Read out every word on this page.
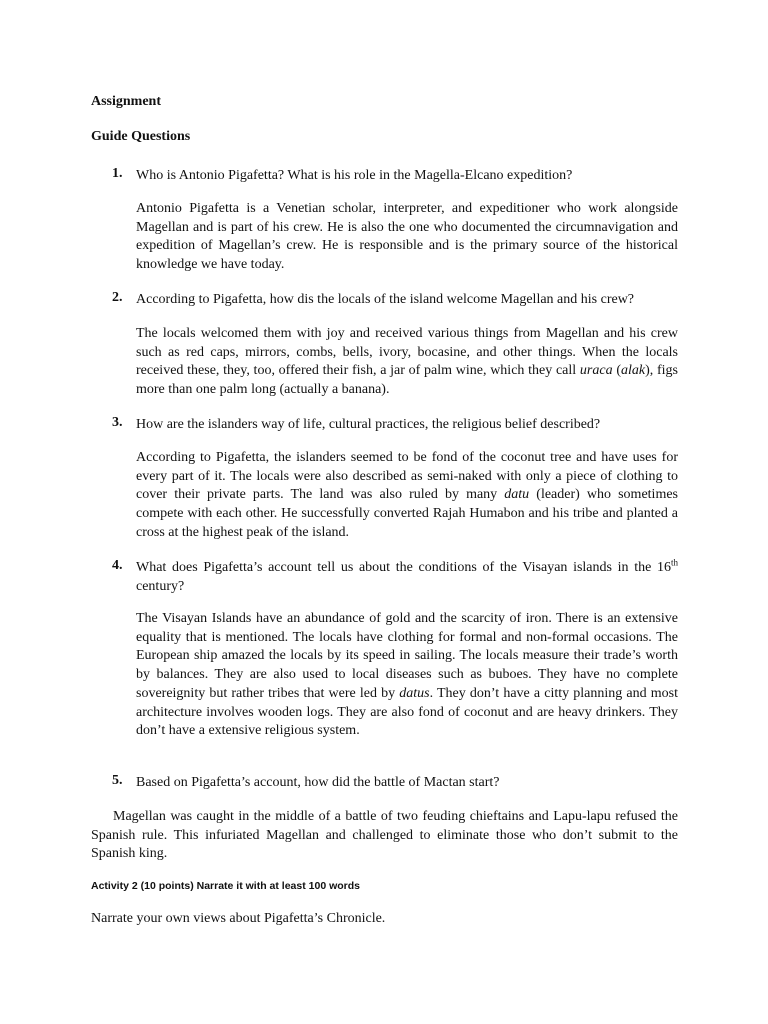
Assignment
Guide Questions
1. Who is Antonio Pigafetta? What is his role in the Magella-Elcano expedition?
Antonio Pigafetta is a Venetian scholar, interpreter, and expeditioner who work alongside Magellan and is part of his crew. He is also the one who documented the circumnavigation and expedition of Magellan’s crew. He is responsible and is the primary source of the historical knowledge we have today.
2. According to Pigafetta, how dis the locals of the island welcome Magellan and his crew?
The locals welcomed them with joy and received various things from Magellan and his crew such as red caps, mirrors, combs, bells, ivory, bocasine, and other things. When the locals received these, they, too, offered their fish, a jar of palm wine, which they call uraca (alak), figs more than one palm long (actually a banana).
3. How are the islanders way of life, cultural practices, the religious belief described?
According to Pigafetta, the islanders seemed to be fond of the coconut tree and have uses for every part of it. The locals were also described as semi-naked with only a piece of clothing to cover their private parts. The land was also ruled by many datu (leader) who sometimes compete with each other. He successfully converted Rajah Humabon and his tribe and planted a cross at the highest peak of the island.
4. What does Pigafetta’s account tell us about the conditions of the Visayan islands in the 16th century?
The Visayan Islands have an abundance of gold and the scarcity of iron. There is an extensive equality that is mentioned. The locals have clothing for formal and non-formal occasions. The European ship amazed the locals by its speed in sailing. The locals measure their trade’s worth by balances. They are also used to local diseases such as buboes. They have no complete sovereignity but rather tribes that were led by datus. They don’t have a citty planning and most architecture involves wooden logs. They are also fond of coconut and are heavy drinkers. They don’t have a extensive religious system.
5. Based on Pigafetta’s account, how did the battle of Mactan start?
Magellan was caught in the middle of a battle of two feuding chieftains and Lapu-lapu refused the Spanish rule. This infuriated Magellan and challenged to eliminate those who don’t submit to the Spanish king.
Activity 2 (10 points) Narrate it with at least 100 words
Narrate your own views about Pigafetta’s Chronicle.
